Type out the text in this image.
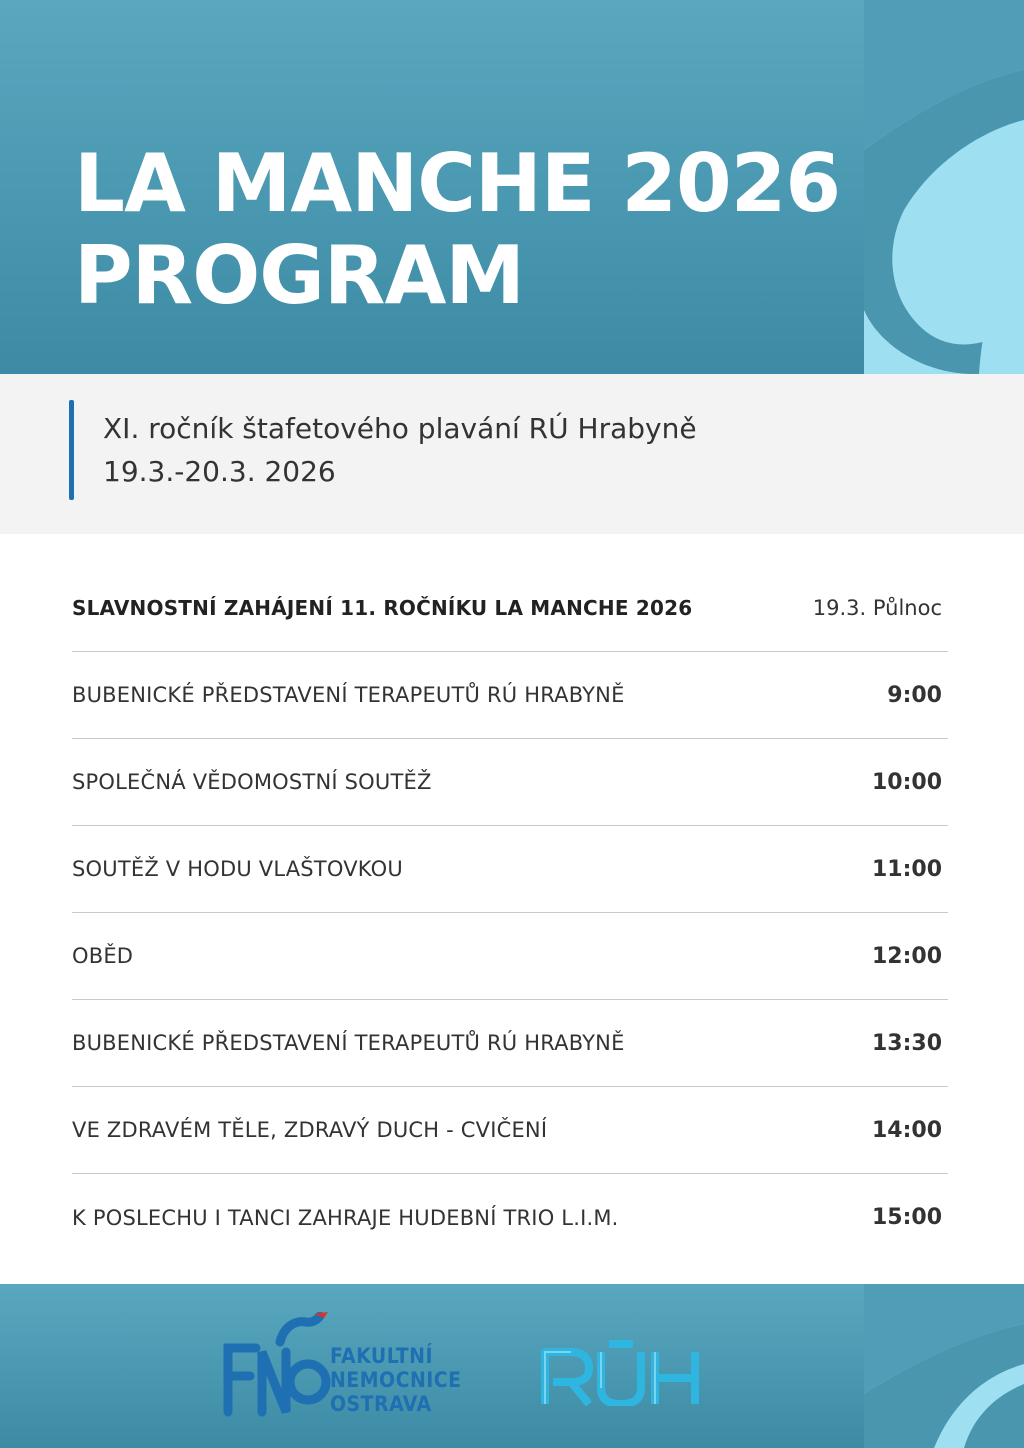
LA MANCHE 2026
PROGRAM
XI. ročník štafetového plavání RÚ Hrabyně
19.3.-20.3. 2026
SLAVNOSTNÍ ZAHÁJENÍ 11. ROČNÍKU LA MANCHE 2026	19.3. Půlnoc
BUBENICKÉ PŘEDSTAVENÍ TERAPEUTŮ RÚ HRABYNĚ	9:00
SPOLEČNÁ VĚDOMOSTNÍ SOUTĚŽ	10:00
SOUTĚŽ V HODU VLAŠTOVKOU	11:00
OBĚD	12:00
BUBENICKÉ PŘEDSTAVENÍ TERAPEUTŮ RÚ HRABYNĚ	13:30
VE ZDRAVÉM TĚLE, ZDRAVÝ DUCH - CVIČENÍ	14:00
K POSLECHU I TANCI ZAHRAJE HUDEBNÍ TRIO L.I.M.	15:00
FAKULTNÍ
NEMOCNICE
OSTRAVA
